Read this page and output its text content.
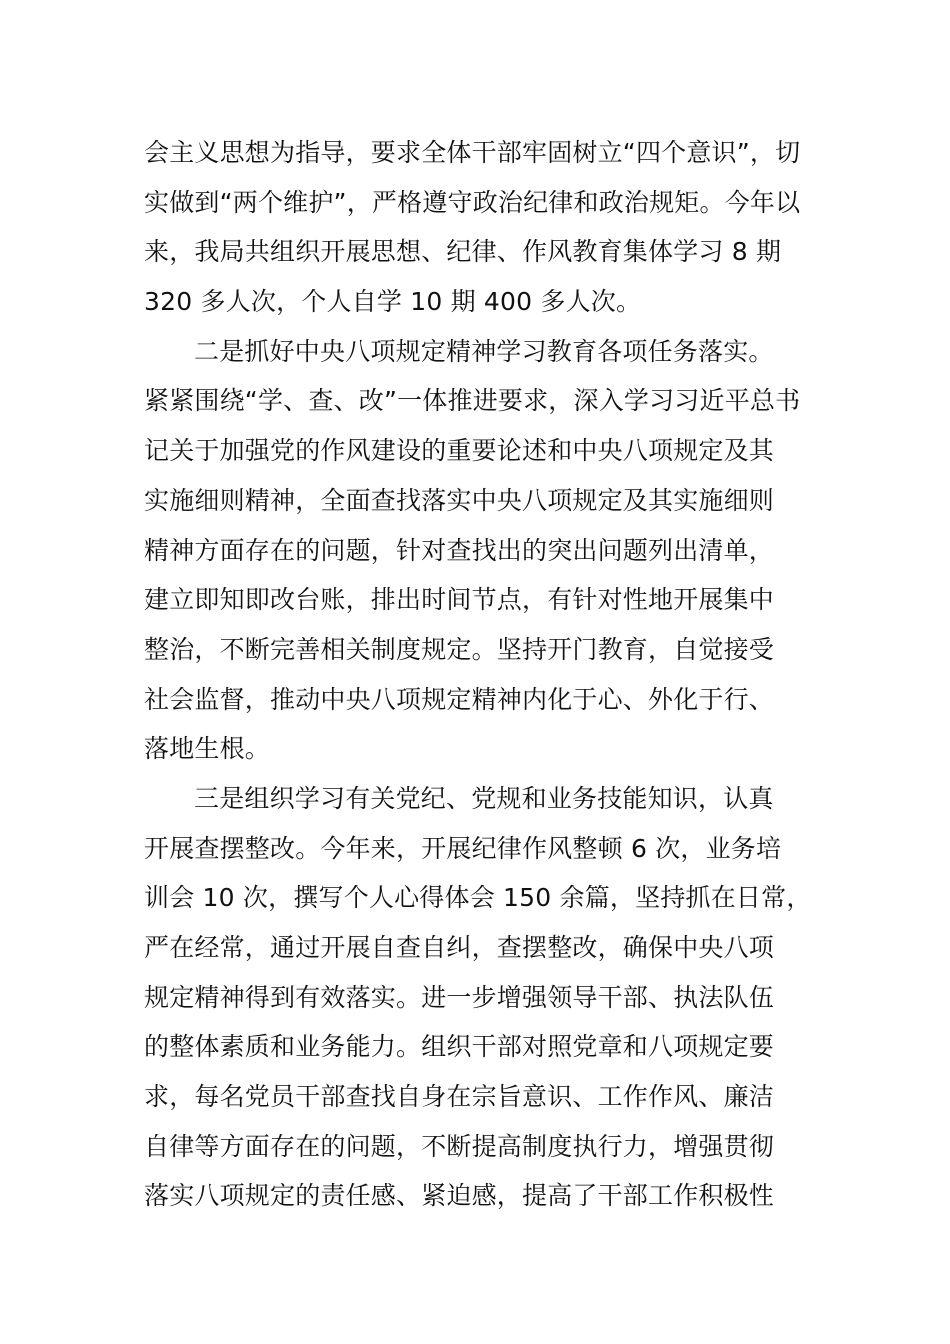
会主义思想为指导，要求全体干部牢固树立“四个意识”，切
实做到“两个维护”，严格遵守政治纪律和政治规矩。今年以
来，我局共组织开展思想、纪律、作风教育集体学习 8 期
320 多人次，个人自学 10 期 400 多人次。
二是抓好中央八项规定精神学习教育各项任务落实。
紧紧围绕“学、查、改”一体推进要求，深入学习习近平总书
记关于加强党的作风建设的重要论述和中央八项规定及其
实施细则精神，全面查找落实中央八项规定及其实施细则
精神方面存在的问题，针对查找出的突出问题列出清单，
建立即知即改台账，排出时间节点，有针对性地开展集中
整治，不断完善相关制度规定。坚持开门教育，自觉接受
社会监督，推动中央八项规定精神内化于心、外化于行、
落地生根。
三是组织学习有关党纪、党规和业务技能知识，认真
开展查摆整改。今年来，开展纪律作风整顿 6 次，业务培
训会 10 次，撰写个人心得体会 150 余篇，坚持抓在日常，
严在经常，通过开展自查自纠，查摆整改，确保中央八项
规定精神得到有效落实。进一步增强领导干部、执法队伍
的整体素质和业务能力。组织干部对照党章和八项规定要
求，每名党员干部查找自身在宗旨意识、工作作风、廉洁
自律等方面存在的问题，不断提高制度执行力，增强贯彻
落实八项规定的责任感、紧迫感，提高了干部工作积极性
